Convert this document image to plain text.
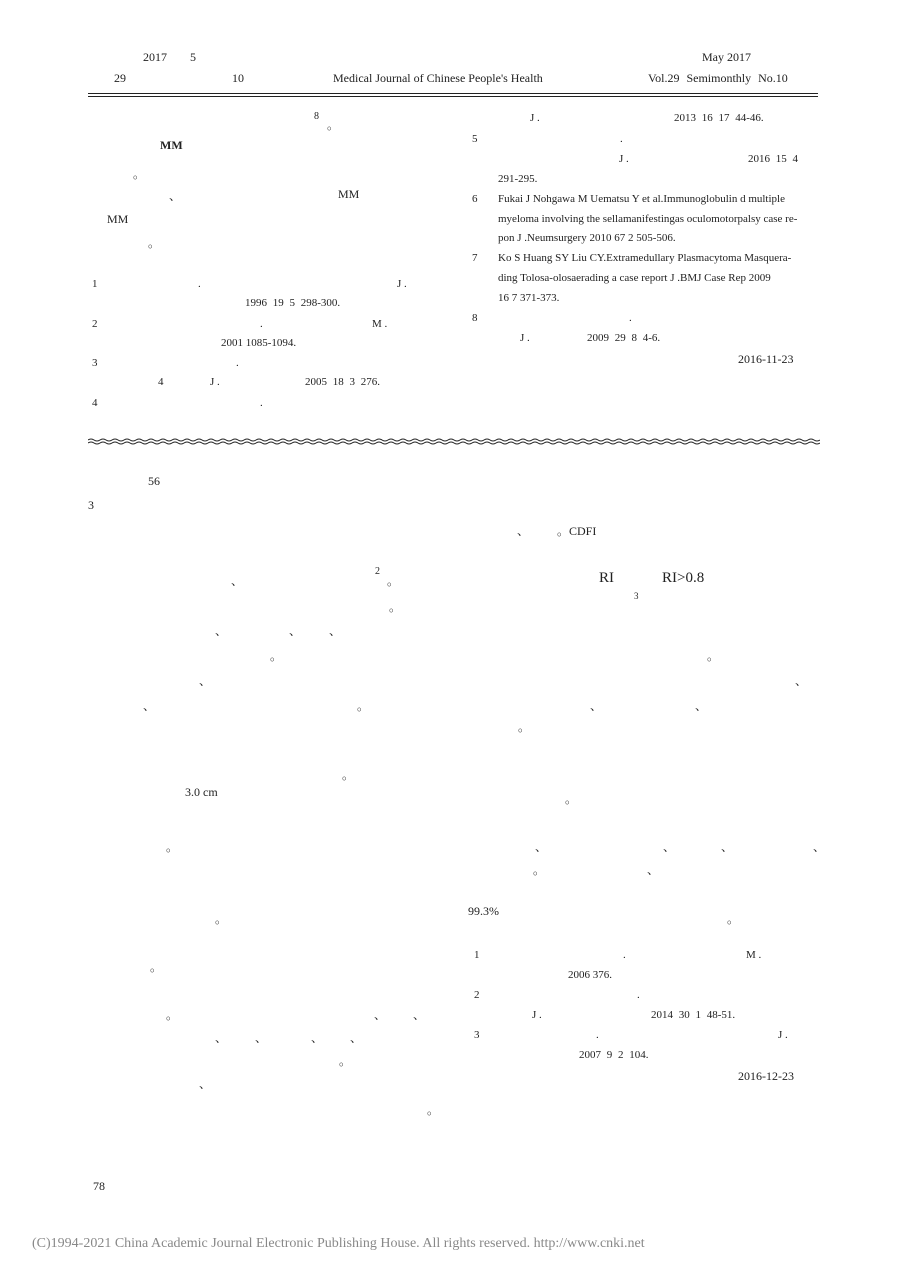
2017 5
29	10	Medical Journal of Chinese People's Health
May 2017
Vol.29 Semimonthly No.10
8
。
MM
。
、	MM
MM
。
1	.	J .
1996 19 5 298-300.
2	.	M .
2001 1085-1094.
3	.
4	J .	2005 18 3 276.
4	.
J .	2013 16 17 44-46.
5	.
J .	2016 15 4
291-295.
6 Fukai J Nohgawa M Uematsu Y et al.Immunoglobulin d multiple
myeloma involving the sellamanifestingas oculomotorpalsy case re-
pon J .Neumsurgery 2010 67 2 505-506.
7 Ko S Huang SY Liu CY.Extramedullary Plasmacytoma Masquera-
ding Tolosa-olosaerading a case report J .BMJ Case Rep 2009
16 7 371-373.
8	.
J .	2009 29 8 4-6.
2016-11-23
56
3
、
2
。
。
、	、 、
。
、
、	。
。
3.0 cm
。
。
。
。	、 、
、 、	、 、
。
、
。
、 。CDFI
RI	RI>0.8
3
。
、
、	、
。
。
、	、	、	、
。	、
99.3%
。
1	.	M .
2006 376.
2	.
J .	2014 30 1 48-51.
3	.	J .
2007 9 2 104.
2016-12-23
78
(C)1994-2021 China Academic Journal Electronic Publishing House. All rights reserved. http://www.cnki.net
